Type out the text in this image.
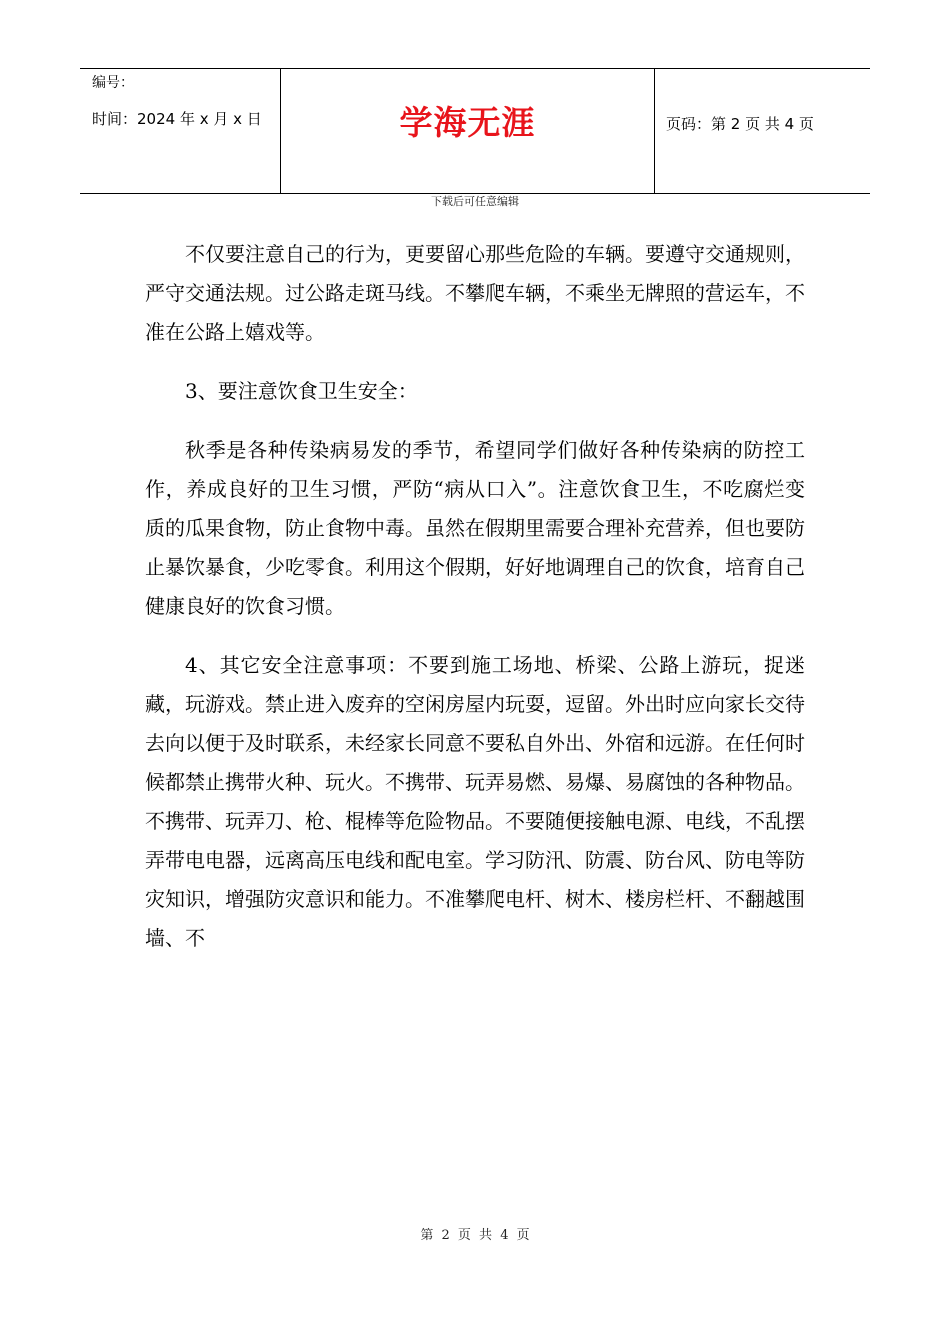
编号：
时间：2024 年 x 月 x 日	学海无涯	页码：第 2 页 共 4 页
下载后可任意编辑

不仅要注意自己的行为，更要留心那些危险的车辆。要遵守交通规则，严守交通法规。过公路走斑马线。不攀爬车辆，不乘坐无牌照的营运车，不准在公路上嬉戏等。

3、要注意饮食卫生安全：

秋季是各种传染病易发的季节，希望同学们做好各种传染病的防控工作，养成良好的卫生习惯，严防“病从口入”。注意饮食卫生，不吃腐烂变质的瓜果食物，防止食物中毒。虽然在假期里需要合理补充营养，但也要防止暴饮暴食，少吃零食。利用这个假期，好好地调理自己的饮食，培育自己健康良好的饮食习惯。

4、其它安全注意事项：不要到施工场地、桥梁、公路上游玩，捉迷藏，玩游戏。禁止进入废弃的空闲房屋内玩耍，逗留。外出时应向家长交待去向以便于及时联系，未经家长同意不要私自外出、外宿和远游。在任何时候都禁止携带火种、玩火。不携带、玩弄易燃、易爆、易腐蚀的各种物品。不携带、玩弄刀、枪、棍棒等危险物品。不要随便接触电源、电线，不乱摆弄带电电器，远离高压电线和配电室。学习防汛、防震、防台风、防电等防灾知识，增强防灾意识和能力。不准攀爬电杆、树木、楼房栏杆、不翻越围墙、不

第 2 页 共 4 页
